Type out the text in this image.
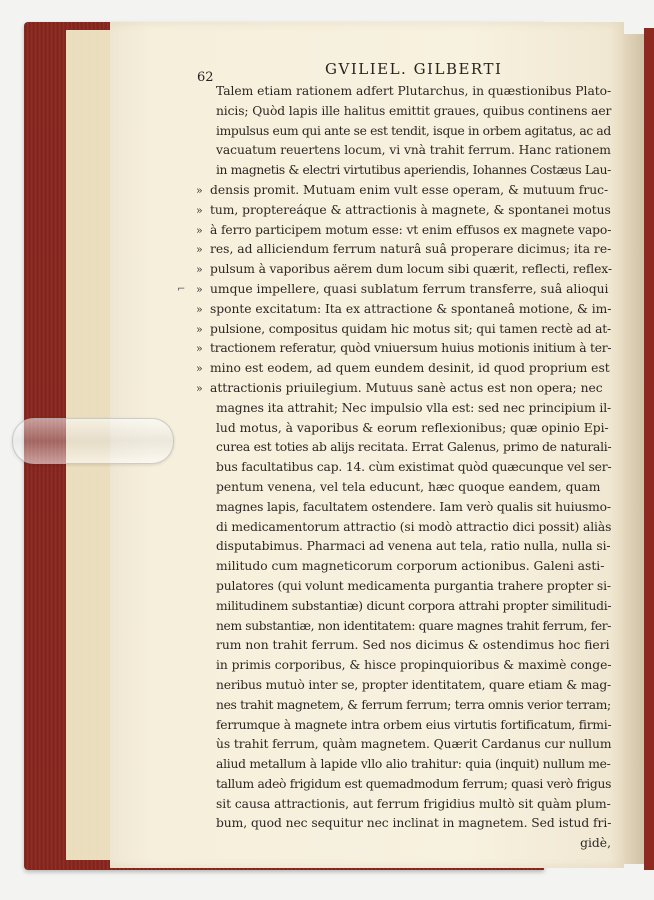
62	GVILIEL. GILBERTI
⌐
Talem etiam rationem adfert Plutarchus, in quæstionibus Plato-
nicis; Quòd lapis ille halitus emittit graues, quibus continens aer
impulsus eum qui ante se est tendit, isque in orbem agitatus, ac ad
vacuatum reuertens locum, vi vnà trahit ferrum. Hanc rationem
in magnetis & electri virtutibus aperiendis, Iohannes Costæus Lau-
» densis promit. Mutuam enim vult esse operam, & mutuum fruc-
» tum, proptereáque & attractionis à magnete, & spontanei motus
» à ferro participem motum esse: vt enim effusos ex magnete vapo-
» res, ad alliciendum ferrum naturâ suâ properare dicimus; ita re-
» pulsum à vaporibus aërem dum locum sibi quærit, reflecti, reflex-
» umque impellere, quasi sublatum ferrum transferre, suâ alioqui
» sponte excitatum: Ita ex attractione & spontaneâ motione, & im-
» pulsione, compositus quidam hic motus sit; qui tamen rectè ad at-
» tractionem referatur, quòd vniuersum huius motionis initium à ter-
» mino est eodem, ad quem eundem desinit, id quod proprium est
» attractionis priuilegium. Mutuus sanè actus est non opera; nec
magnes ita attrahit; Nec impulsio vlla est: sed nec principium il-
lud motus, à vaporibus & eorum reflexionibus; quæ opinio Epi-
curea est toties ab alijs recitata. Errat Galenus, primo de naturali-
bus facultatibus cap. 14. cùm existimat quòd quæcunque vel ser-
pentum venena, vel tela educunt, hæc quoque eandem, quam
magnes lapis, facultatem ostendere. Iam verò qualis sit huiusmo-
di medicamentorum attractio (si modò attractio dici possit) aliàs
disputabimus. Pharmaci ad venena aut tela, ratio nulla, nulla si-
militudo cum magneticorum corporum actionibus. Galeni asti-
pulatores (qui volunt medicamenta purgantia trahere propter si-
militudinem substantiæ) dicunt corpora attrahi propter similitudi-
nem substantiæ, non identitatem: quare magnes trahit ferrum, fer-
rum non trahit ferrum. Sed nos dicimus & ostendimus hoc fieri
in primis corporibus, & hisce propinquioribus & maximè conge-
neribus mutuò inter se, propter identitatem, quare etiam & mag-
nes trahit magnetem, & ferrum ferrum; terra omnis verior terram;
ferrumque à magnete intra orbem eius virtutis fortificatum, firmi-
ùs trahit ferrum, quàm magnetem. Quærit Cardanus cur nullum
aliud metallum à lapide vllo alio trahitur: quia (inquit) nullum me-
tallum adeò frigidum est quemadmodum ferrum; quasi verò frigus
sit causa attractionis, aut ferrum frigidius multò sit quàm plum-
bum, quod nec sequitur nec inclinat in magnetem. Sed istud fri-
gidè,
